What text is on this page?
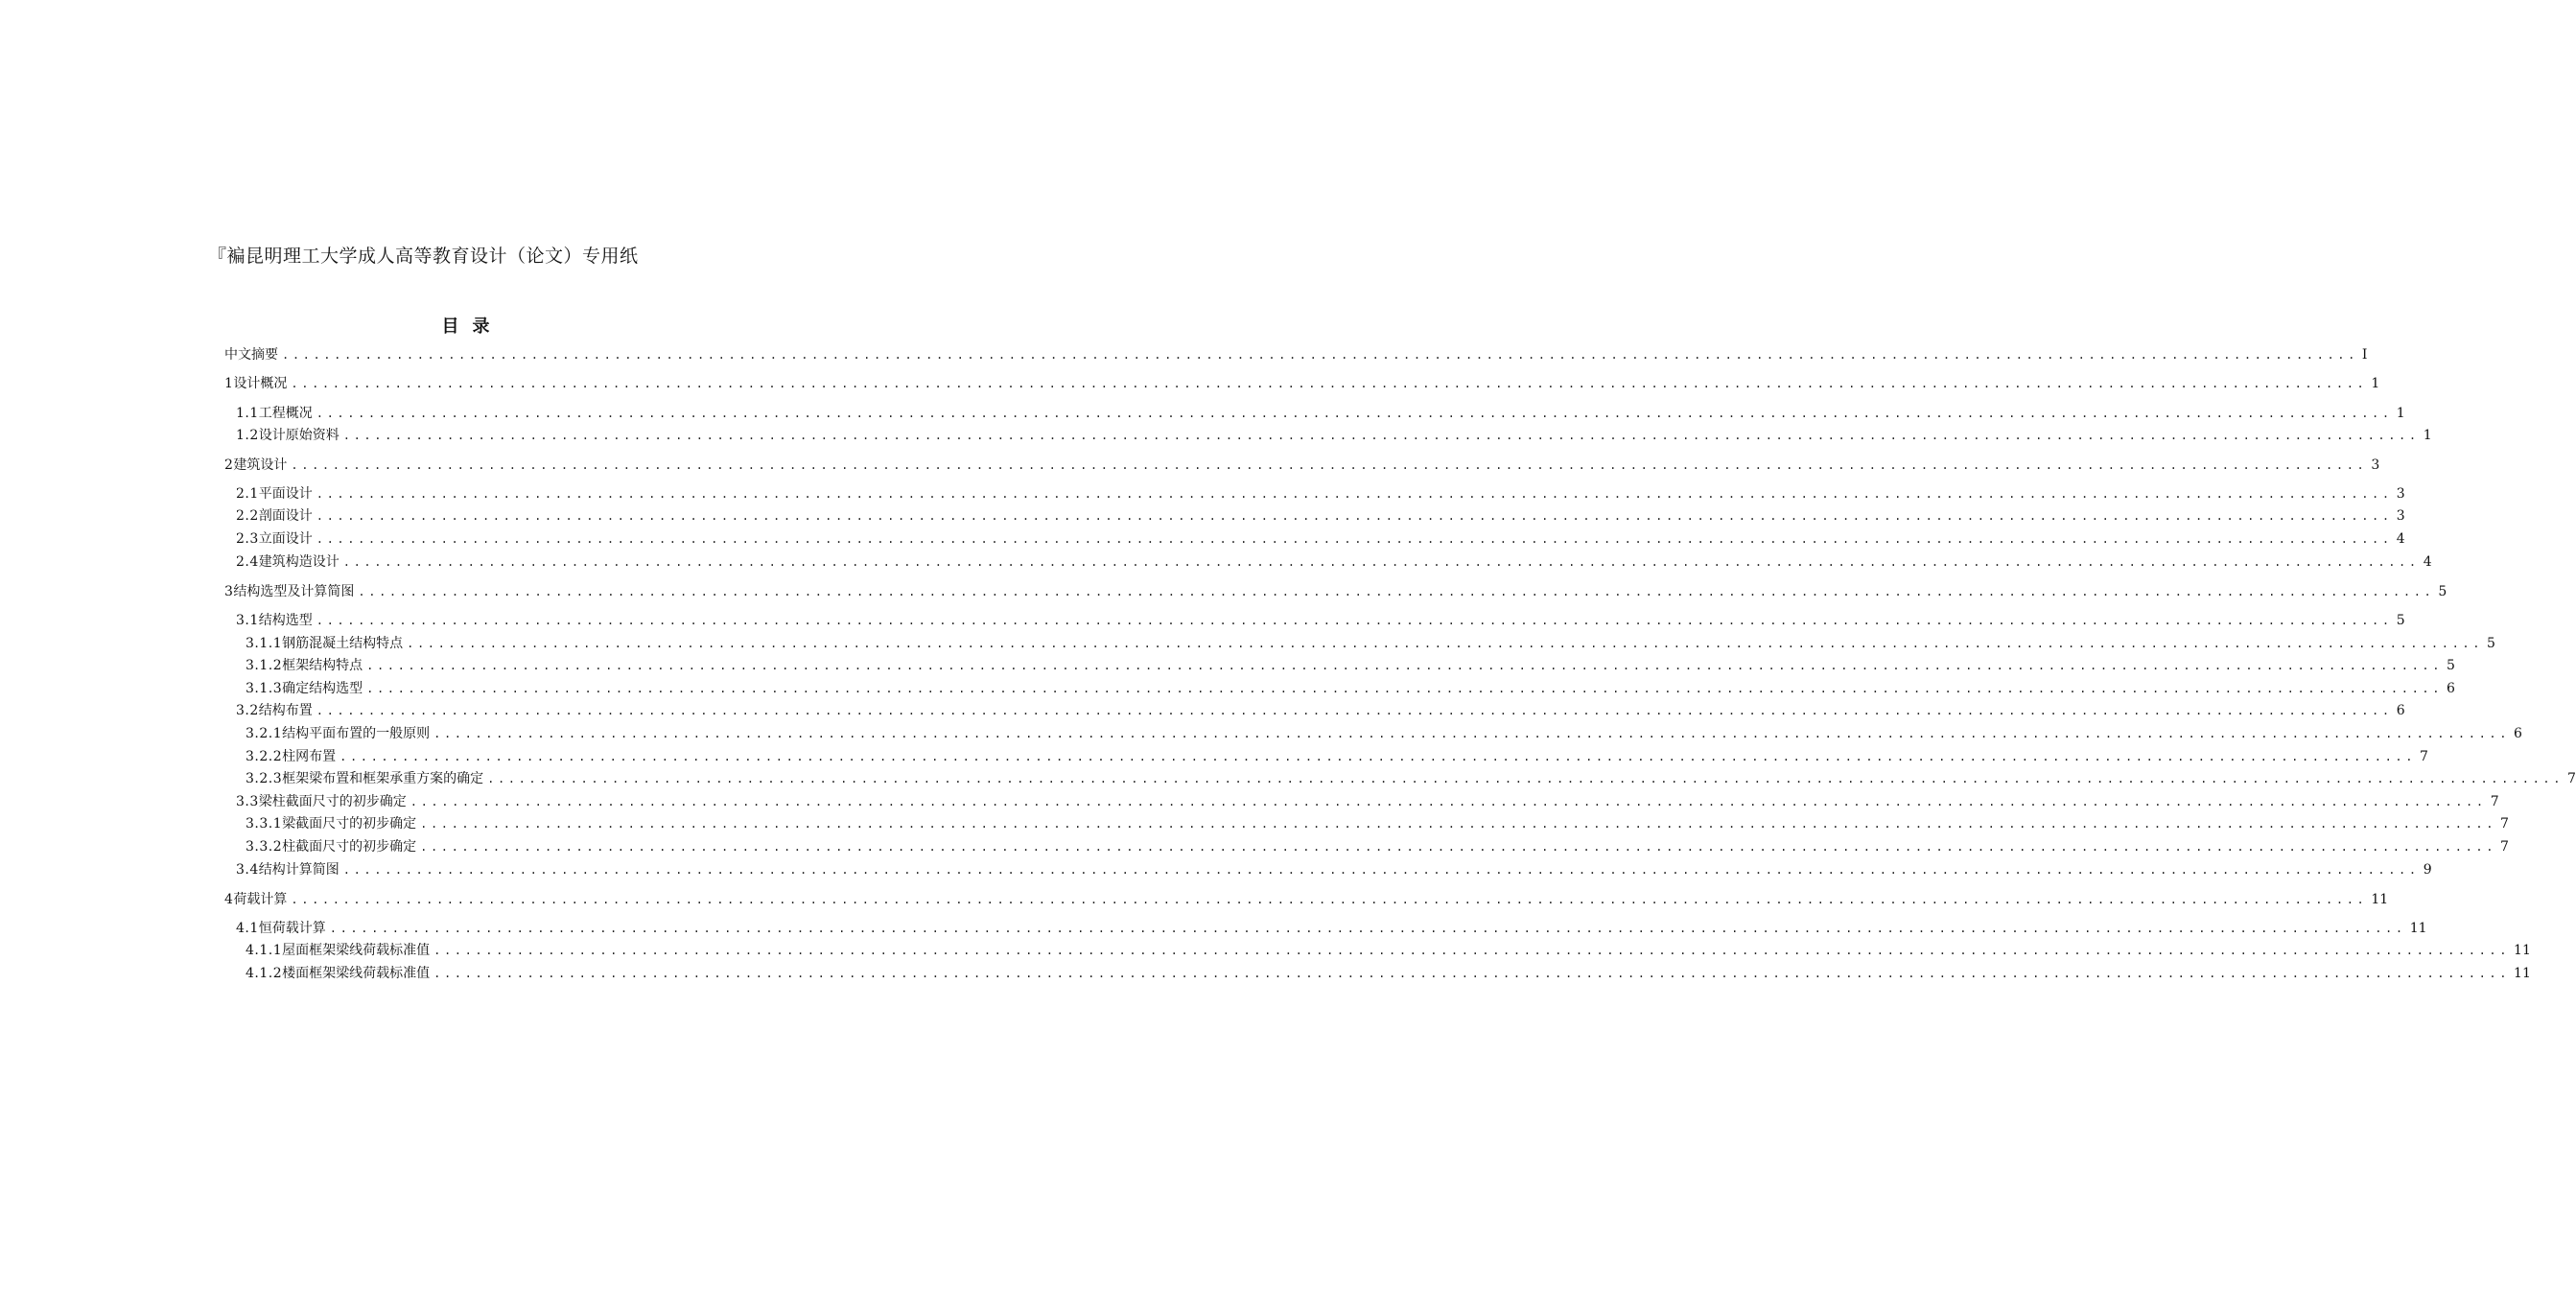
『褊昆明理工大学成人高等教育设计（论文）专用纸
目录
中文摘要 ........................................................................................................................................................................................................ I
1 设计概况 ........................................................................................................................................................................................................ 1
1.1 工程概况 ........................................................................................................................................................................................................ 1
1.2 设计原始资料 ........................................................................................................................................................................................................ 1
2 建筑设计 ........................................................................................................................................................................................................ 3
2.1 平面设计 ........................................................................................................................................................................................................ 3
2.2 剖面设计 ........................................................................................................................................................................................................ 3
2.3 立面设计 ........................................................................................................................................................................................................ 4
2.4 建筑构造设计 ........................................................................................................................................................................................................ 4
3 结构选型及计算简图 ........................................................................................................................................................................................................ 5
3.1 结构选型 ........................................................................................................................................................................................................ 5
3.1.1 钢筋混凝土结构特点 ........................................................................................................................................................................................................ 5
3.1.2 框架结构特点 ........................................................................................................................................................................................................ 5
3.1.3 确定结构选型 ........................................................................................................................................................................................................ 6
3.2 结构布置 ........................................................................................................................................................................................................ 6
3.2.1 结构平面布置的一般原则 ........................................................................................................................................................................................................ 6
3.2.2 柱网布置 ........................................................................................................................................................................................................ 7
3.2.3 框架梁布置和框架承重方案的确定 ........................................................................................................................................................................................................ 7
3.3 梁柱截面尺寸的初步确定 ........................................................................................................................................................................................................ 7
3.3.1 梁截面尺寸的初步确定 ........................................................................................................................................................................................................ 7
3.3.2 柱截面尺寸的初步确定 ........................................................................................................................................................................................................ 7
3.4 结构计算简图 ........................................................................................................................................................................................................ 9
4 荷载计算 ........................................................................................................................................................................................................ 11
4.1 恒荷载计算 ........................................................................................................................................................................................................ 11
4.1.1 屋面框架梁线荷载标准值 ........................................................................................................................................................................................................ 11
4.1.2 楼面框架梁线荷载标准值 ........................................................................................................................................................................................................ 11
